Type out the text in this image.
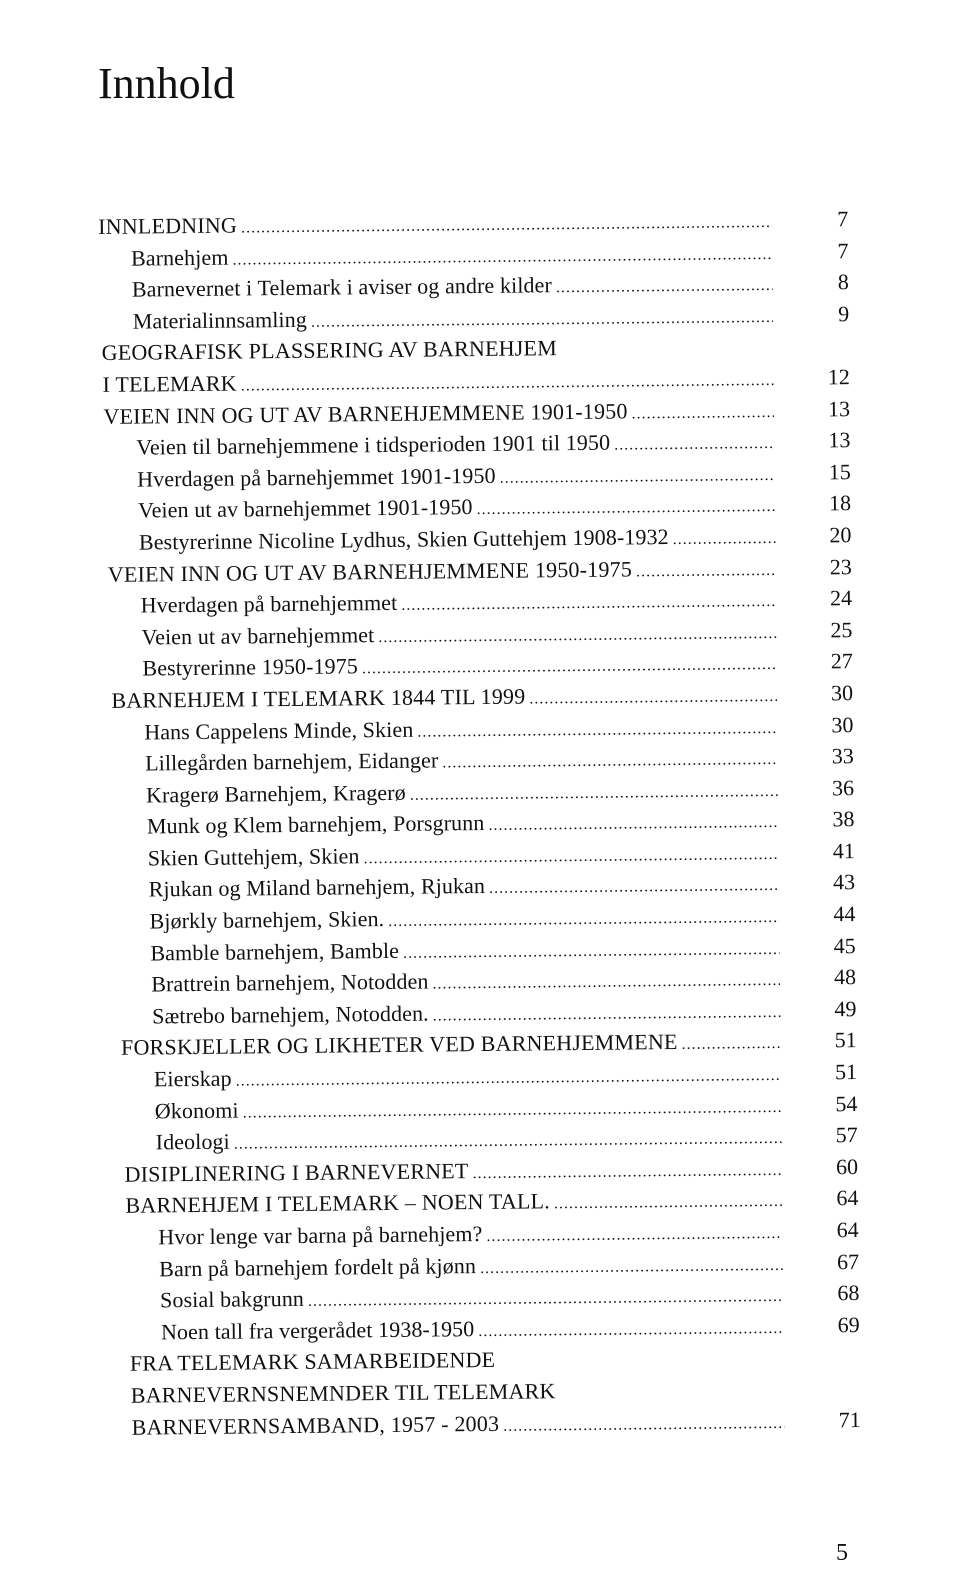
Innhold
INNLEDNING .....	7
Barnehjem .....	7
Barnevernet i Telemark i aviser og andre kilder .....	8
Materialinnsamling .....	9
GEOGRAFISK PLASSERING AV BARNEHJEM
I TELEMARK .....	12
VEIEN INN OG UT AV BARNEHJEMMENE 1901-1950 .....	13
Veien til barnehjemmene i tidsperioden 1901 til 1950 .....	13
Hverdagen på barnehjemmet 1901-1950 .....	15
Veien ut av barnehjemmet 1901-1950 .....	18
Bestyrerinne Nicoline Lydhus, Skien Guttehjem 1908-1932 .....	20
VEIEN INN OG UT AV BARNEHJEMMENE 1950-1975 .....	23
Hverdagen på barnehjemmet .....	24
Veien ut av barnehjemmet .....	25
Bestyrerinne 1950-1975 .....	27
BARNEHJEM I TELEMARK 1844 TIL 1999 .....	30
Hans Cappelens Minde, Skien .....	30
Lillegården barnehjem, Eidanger .....	33
Kragerø Barnehjem, Kragerø .....	36
Munk og Klem barnehjem, Porsgrunn .....	38
Skien Guttehjem, Skien .....	41
Rjukan og Miland barnehjem, Rjukan .....	43
Bjørkly barnehjem, Skien. .....	44
Bamble barnehjem, Bamble .....	45
Brattrein barnehjem, Notodden .....	48
Sætrebo barnehjem, Notodden. .....	49
FORSKJELLER OG LIKHETER VED BARNEHJEMMENE .....	51
Eierskap .....	51
Økonomi .....	54
Ideologi .....	57
DISIPLINERING I BARNEVERNET .....	60
BARNEHJEM I TELEMARK – NOEN TALL. .....	64
Hvor lenge var barna på barnehjem? .....	64
Barn på barnehjem fordelt på kjønn .....	67
Sosial bakgrunn .....	68
Noen tall fra vergerådet 1938-1950 .....	69
FRA TELEMARK SAMARBEIDENDE
BARNEVERNSNEMNDER TIL TELEMARK
BARNEVERNSAMBAND, 1957 - 2003 .....	71
5
